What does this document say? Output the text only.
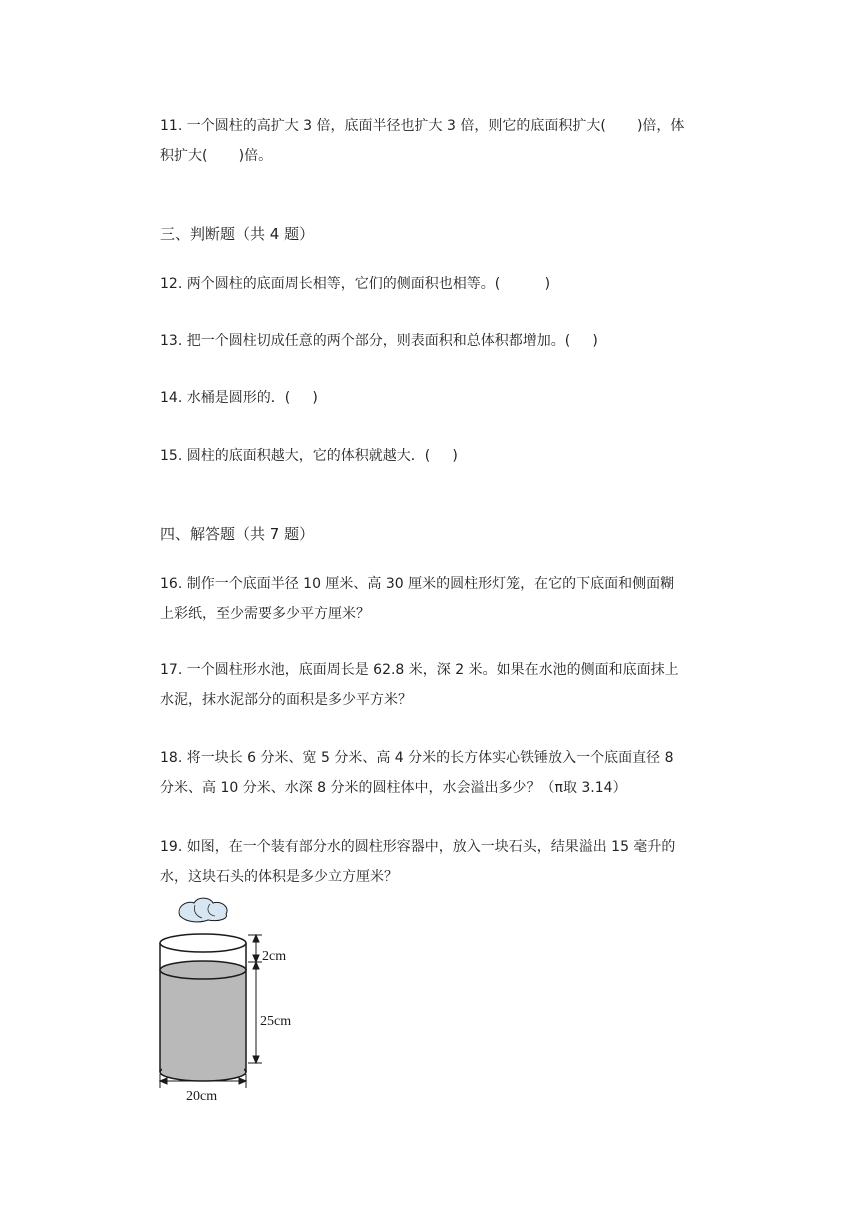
11. 一个圆柱的高扩大 3 倍，底面半径也扩大 3 倍，则它的底面积扩大(       )倍，体
积扩大(       )倍。
三、判断题（共 4 题）
12. 两个圆柱的底面周长相等，它们的侧面积也相等。(          )
13. 把一个圆柱切成任意的两个部分，则表面积和总体积都增加。(     )
14. 水桶是圆形的．(     )
15. 圆柱的底面积越大，它的体积就越大．(     )
四、解答题（共 7 题）
16. 制作一个底面半径 10 厘米、高 30 厘米的圆柱形灯笼，在它的下底面和侧面糊
上彩纸，至少需要多少平方厘米？
17. 一个圆柱形水池，底面周长是 62.8 米，深 2 米。如果在水池的侧面和底面抹上
水泥，抹水泥部分的面积是多少平方米？
18. 将一块长 6 分米、宽 5 分米、高 4 分米的长方体实心铁锤放入一个底面直径 8
分米、高 10 分米、水深 8 分米的圆柱体中，水会溢出多少？（π取 3.14）
19. 如图，在一个装有部分水的圆柱形容器中，放入一块石头，结果溢出 15 毫升的
水，这块石头的体积是多少立方厘米？
2cm
25cm
20cm
